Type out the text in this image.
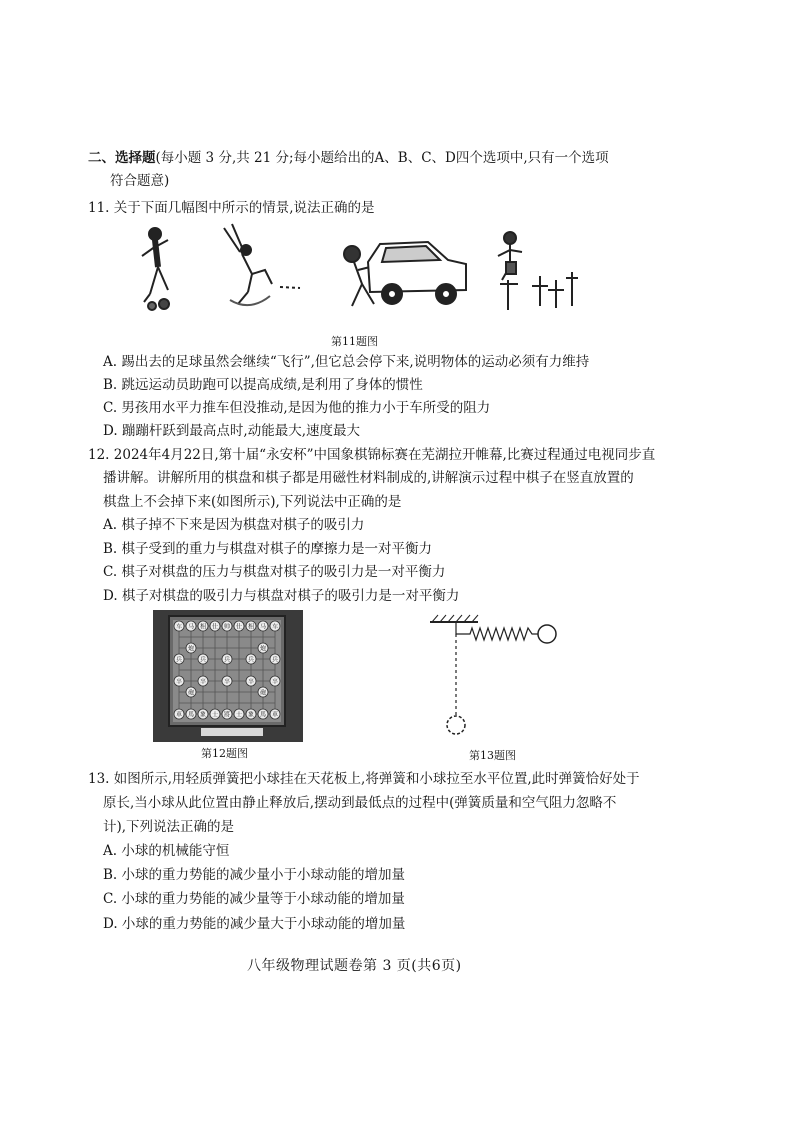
二、选择题(每小题 3 分,共 21 分;每小题给出的A、B、C、D四个选项中,只有一个选项
符合题意)
11. 关于下面几幅图中所示的情景,说法正确的是
第11题图
A. 踢出去的足球虽然会继续“飞行”,但它总会停下来,说明物体的运动必须有力维持
B. 跳远运动员助跑可以提高成绩,是利用了身体的惯性
C. 男孩用水平力推车但没推动,是因为他的推力小于车所受的阻力
D. 蹦蹦杆跃到最高点时,动能最大,速度最大
12. 2024年4月22日,第十届“永安杯”中国象棋锦标赛在芜湖拉开帷幕,比赛过程通过电视同步直
播讲解。讲解所用的棋盘和棋子都是用磁性材料制成的,讲解演示过程中棋子在竖直放置的
棋盘上不会掉下来(如图所示),下列说法中正确的是
A. 棋子掉不下来是因为棋盘对棋子的吸引力
B. 棋子受到的重力与棋盘对棋子的摩擦力是一对平衡力
C. 棋子对棋盘的压力与棋盘对棋子的吸引力是一对平衡力
D. 棋子对棋盘的吸引力与棋盘对棋子的吸引力是一对平衡力
车 马 相 仕 帅 仕 相 马 车
炮	炮
兵	兵	兵	兵	兵
卒	卒	卒	卒	卒
砲	砲
車 馬 象 士 將 士 象 馬 車
第12题图	第13题图
13. 如图所示,用轻质弹簧把小球挂在天花板上,将弹簧和小球拉至水平位置,此时弹簧恰好处于
原长,当小球从此位置由静止释放后,摆动到最低点的过程中(弹簧质量和空气阻力忽略不
计),下列说法正确的是
A. 小球的机械能守恒
B. 小球的重力势能的减少量小于小球动能的增加量
C. 小球的重力势能的减少量等于小球动能的增加量
D. 小球的重力势能的减少量大于小球动能的增加量
八年级物理试题卷第 3 页(共6页)
